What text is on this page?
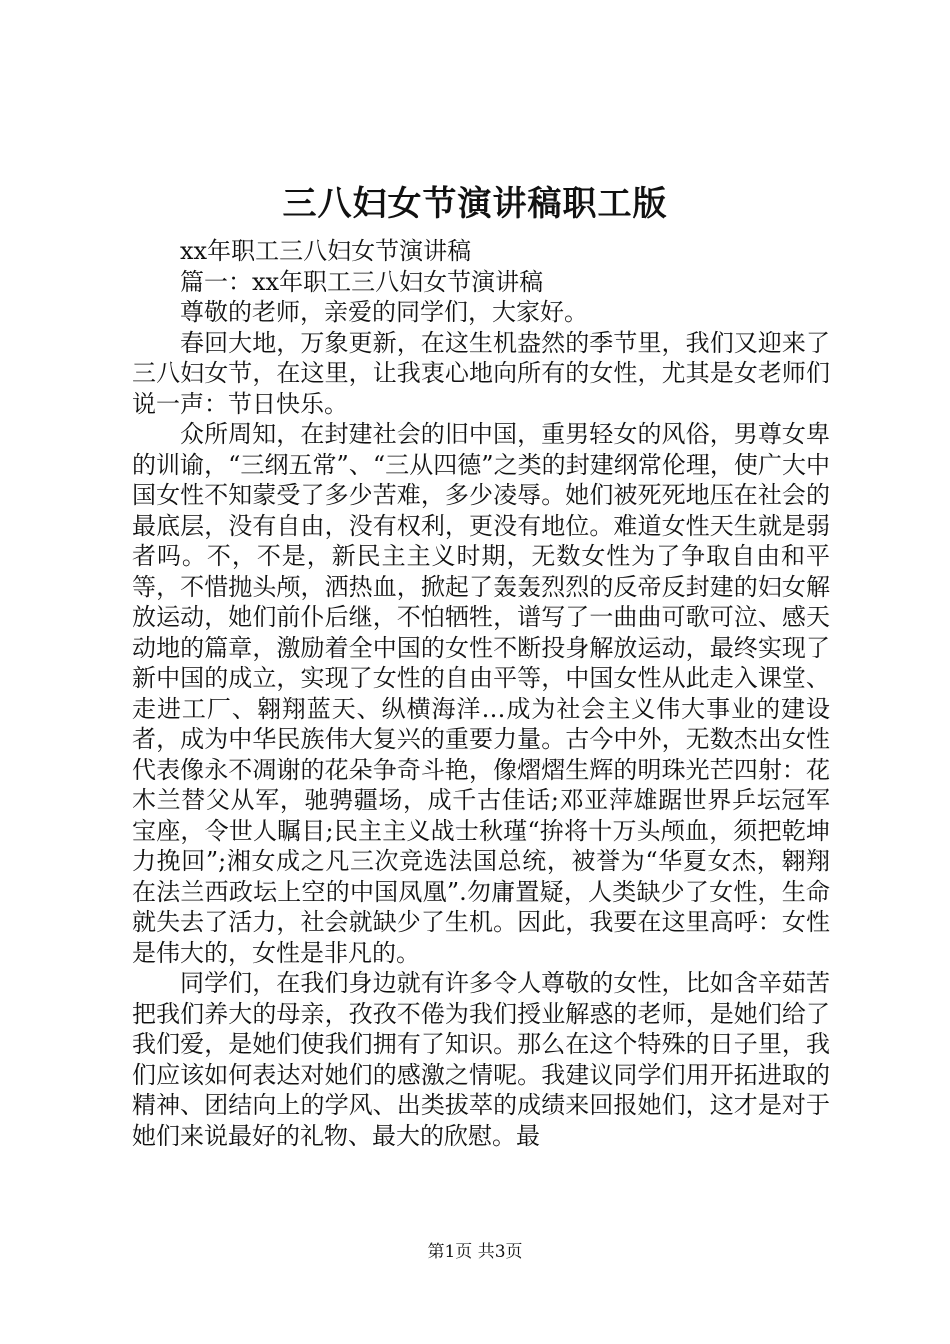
三八妇女节演讲稿职工版

xx年职工三八妇女节演讲稿

篇一：xx年职工三八妇女节演讲稿

尊敬的老师，亲爱的同学们，大家好。

春回大地，万象更新，在这生机盎然的季节里，我们又迎来了三八妇女节，在这里，让我衷心地向所有的女性，尤其是女老师们说一声：节日快乐。

众所周知，在封建社会的旧中国，重男轻女的风俗，男尊女卑的训谕，“三纲五常”、“三从四德”之类的封建纲常伦理，使广大中国女性不知蒙受了多少苦难，多少凌辱。她们被死死地压在社会的最底层，没有自由，没有权利，更没有地位。难道女性天生就是弱者吗。不，不是，新民主主义时期，无数女性为了争取自由和平等，不惜抛头颅，洒热血，掀起了轰轰烈烈的反帝反封建的妇女解放运动，她们前仆后继，不怕牺牲，谱写了一曲曲可歌可泣、感天动地的篇章，激励着全中国的女性不断投身解放运动，最终实现了新中国的成立，实现了女性的自由平等，中国女性从此走入课堂、走进工厂、翱翔蓝天、纵横海洋…成为社会主义伟大事业的建设者，成为中华民族伟大复兴的重要力量。古今中外，无数杰出女性代表像永不凋谢的花朵争奇斗艳，像熠熠生辉的明珠光芒四射：花木兰替父从军，驰骋疆场，成千古佳话;邓亚萍雄踞世界乒坛冠军宝座，令世人瞩目;民主主义战士秋瑾“拚将十万头颅血，须把乾坤力挽回”;湘女成之凡三次竞选法国总统，被誉为“华夏女杰，翱翔在法兰西政坛上空的中国凤凰”.勿庸置疑，人类缺少了女性，生命就失去了活力，社会就缺少了生机。因此，我要在这里高呼：女性是伟大的，女性是非凡的。

同学们，在我们身边就有许多令人尊敬的女性，比如含辛茹苦把我们养大的母亲，孜孜不倦为我们授业解惑的老师，是她们给了我们爱，是她们使我们拥有了知识。那么在这个特殊的日子里，我们应该如何表达对她们的感激之情呢。我建议同学们用开拓进取的精神、团结向上的学风、出类拔萃的成绩来回报她们，这才是对于她们来说最好的礼物、最大的欣慰。最

第1页 共3页
